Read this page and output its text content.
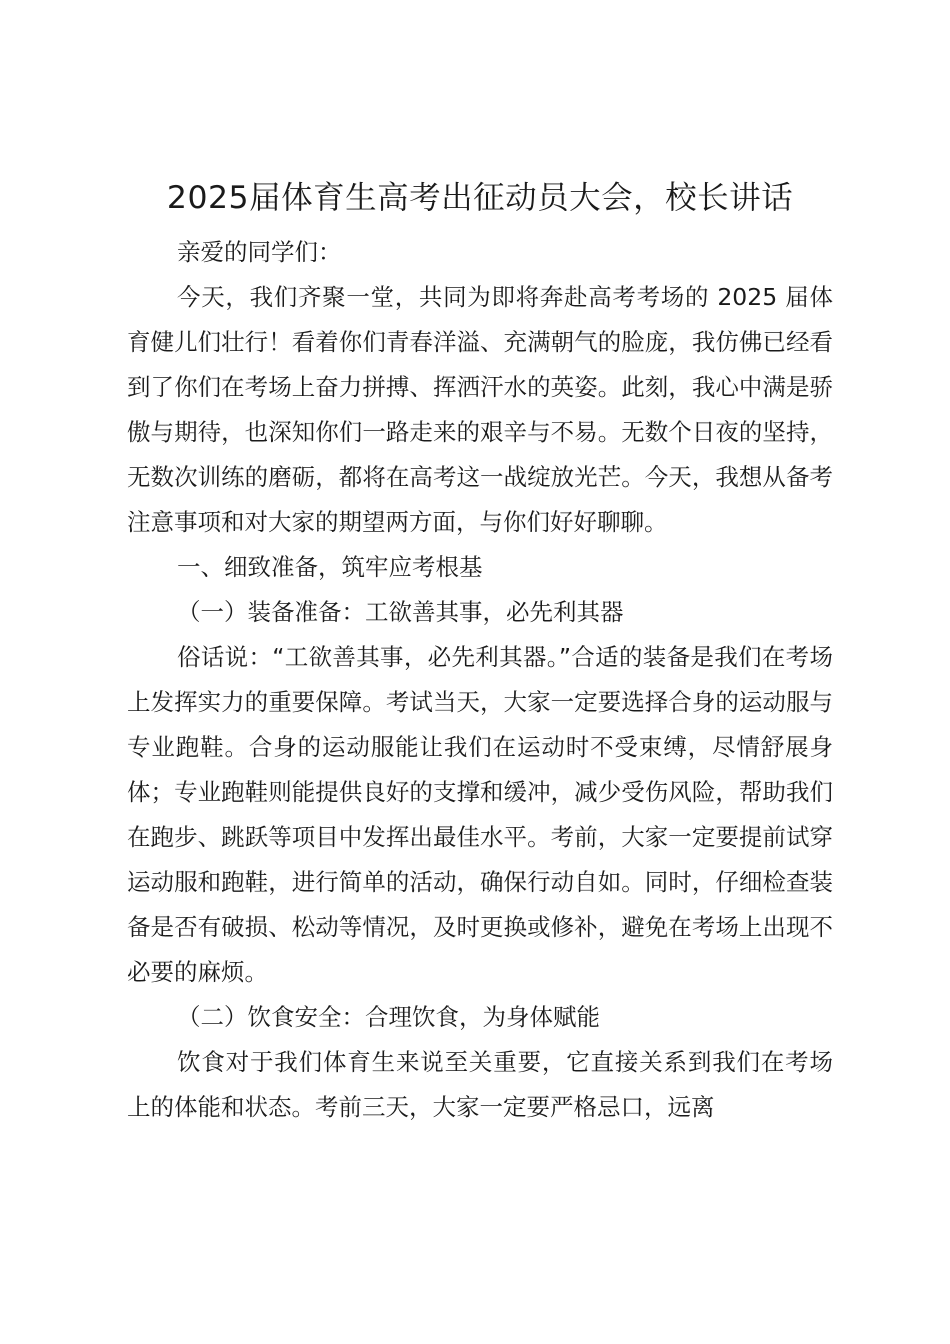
2025届体育生高考出征动员大会，校长讲话

亲爱的同学们：

今天，我们齐聚一堂，共同为即将奔赴高考考场的 2025 届体育健儿们壮行！看着你们青春洋溢、充满朝气的脸庞，我仿佛已经看到了你们在考场上奋力拼搏、挥洒汗水的英姿。此刻，我心中满是骄傲与期待，也深知你们一路走来的艰辛与不易。无数个日夜的坚持，无数次训练的磨砺，都将在高考这一战绽放光芒。今天，我想从备考注意事项和对大家的期望两方面，与你们好好聊聊。

一、细致准备，筑牢应考根基

（一）装备准备：工欲善其事，必先利其器

俗话说：“工欲善其事，必先利其器。”合适的装备是我们在考场上发挥实力的重要保障。考试当天，大家一定要选择合身的运动服与专业跑鞋。合身的运动服能让我们在运动时不受束缚，尽情舒展身体；专业跑鞋则能提供良好的支撑和缓冲，减少受伤风险，帮助我们在跑步、跳跃等项目中发挥出最佳水平。考前，大家一定要提前试穿运动服和跑鞋，进行简单的活动，确保行动自如。同时，仔细检查装备是否有破损、松动等情况，及时更换或修补，避免在考场上出现不必要的麻烦。

（二）饮食安全：合理饮食，为身体赋能

饮食对于我们体育生来说至关重要，它直接关系到我们在考场上的体能和状态。考前三天，大家一定要严格忌口，远离
